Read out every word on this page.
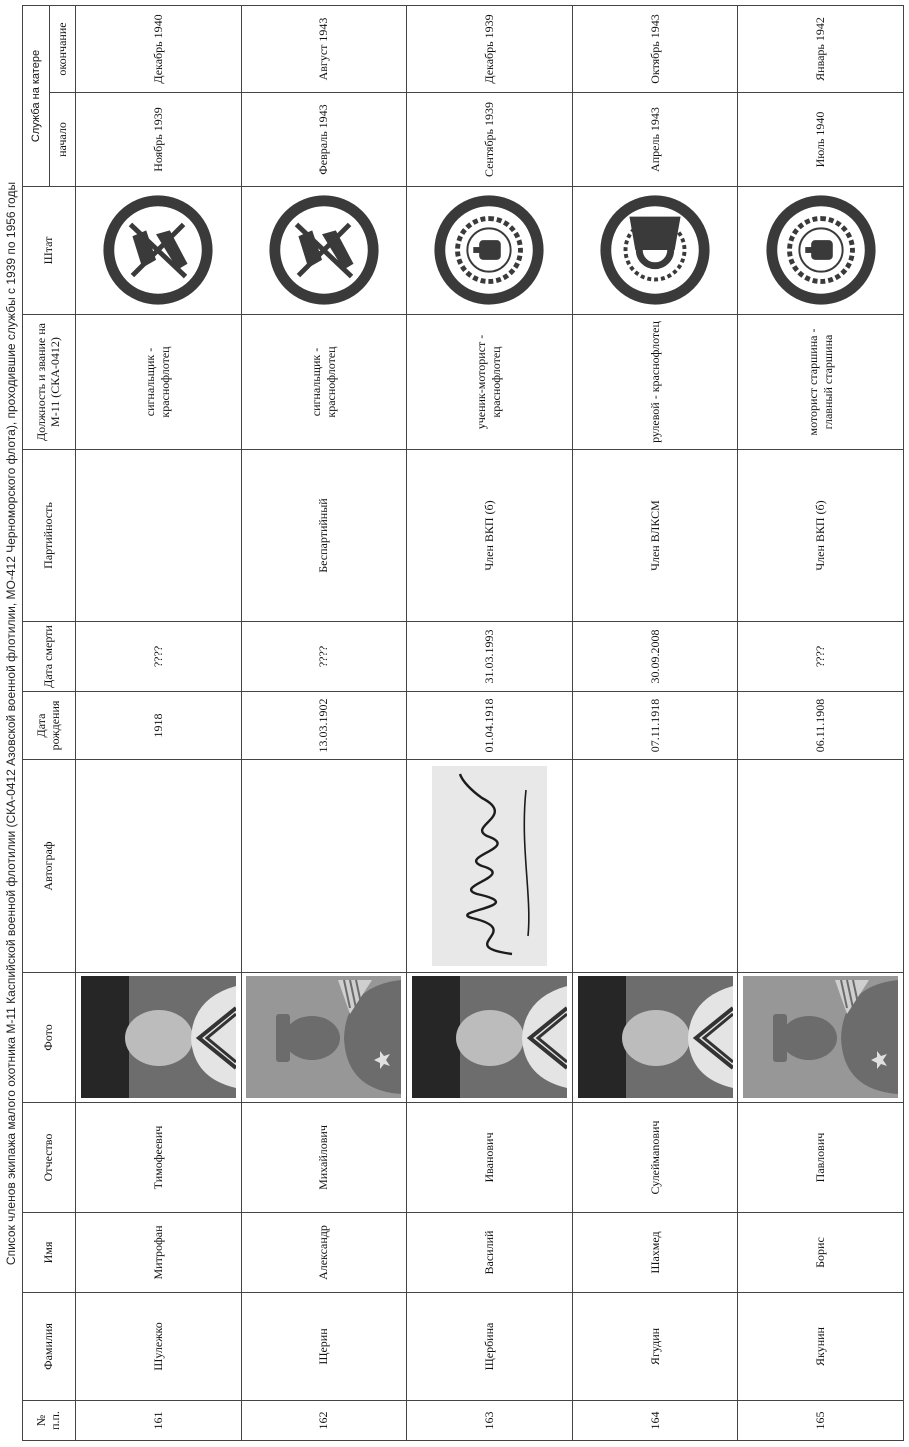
Список членов экипажа малого охотника М-11 Каспийской военной флотилии (СКА-0412 Азовской военной флотилии, МО-412 Черноморского флота), проходившие службы с 1939 по 1956 годы
№ п.п.	Фамилия	Имя	Отчество	Фото	Автограф	Дата рождения	Дата смерти	Партийность	Должность и звание на М-11 (СКА-0412)	Штат	Служба на катере	
											начало	окончание
161	Шулежко	Митрофан	Тимофеевич			1918	????		сигнальщик - краснофлотец		Ноябрь 1939	Декабрь 1940
162	Щерин	Александр	Михайлович			13.03.1902	????	Беспартийный	сигнальщик - краснофлотец		Февраль 1943	Август 1943
163	Щербина	Василий	Иванович			01.04.1918	31.03.1993	Член ВКП (б)	ученик-моторист - краснофлотец		Сентябрь 1939	Декабрь 1939
164	Ягудин	Шахмед	Сулеймanoвич			07.11.1918	30.09.2008	Член ВЛКСМ	рулевой - краснофлотец		Апрель 1943	Октябрь 1943
165	Якунин	Борис	Павлович			06.11.1908	????	Член ВКП (б)	моторист старшина - главный старшина		Июль 1940	Январь 1942
